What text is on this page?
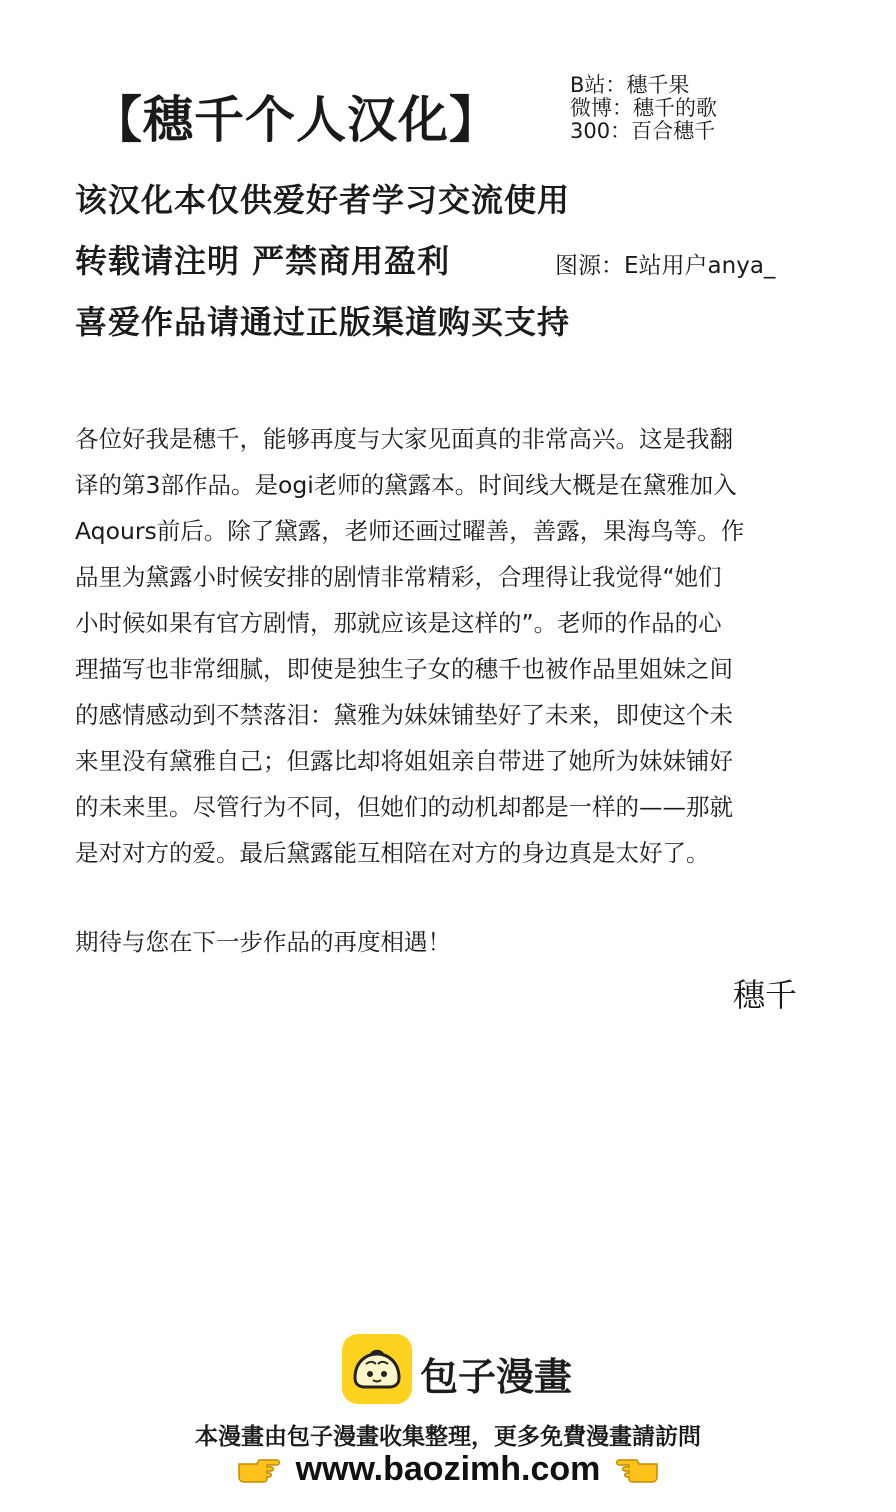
【穗千个人汉化】
B站：穗千果
微博：穗千的歌
300：百合穗千
该汉化本仅供爱好者学习交流使用
转载请注明 严禁商用盈利
喜爱作品请通过正版渠道购买支持
图源：E站用户anya_
各位好我是穗千，能够再度与大家见面真的非常高兴。这是我翻
译的第3部作品。是ogi老师的黛露本。时间线大概是在黛雅加入
Aqours前后。除了黛露，老师还画过曜善，善露，果海鸟等。作
品里为黛露小时候安排的剧情非常精彩，合理得让我觉得“她们
小时候如果有官方剧情，那就应该是这样的”。老师的作品的心
理描写也非常细腻，即使是独生子女的穗千也被作品里姐妹之间
的感情感动到不禁落泪：黛雅为妹妹铺垫好了未来，即使这个未
来里没有黛雅自己；但露比却将姐姐亲自带进了她所为妹妹铺好
的未来里。尽管行为不同，但她们的动机却都是一样的——那就
是对对方的爱。最后黛露能互相陪在对方的身边真是太好了。
期待与您在下一步作品的再度相遇！
穗千
包子漫畫
本漫畫由包子漫畫收集整理，更多免費漫畫請訪問
www.baozimh.com
